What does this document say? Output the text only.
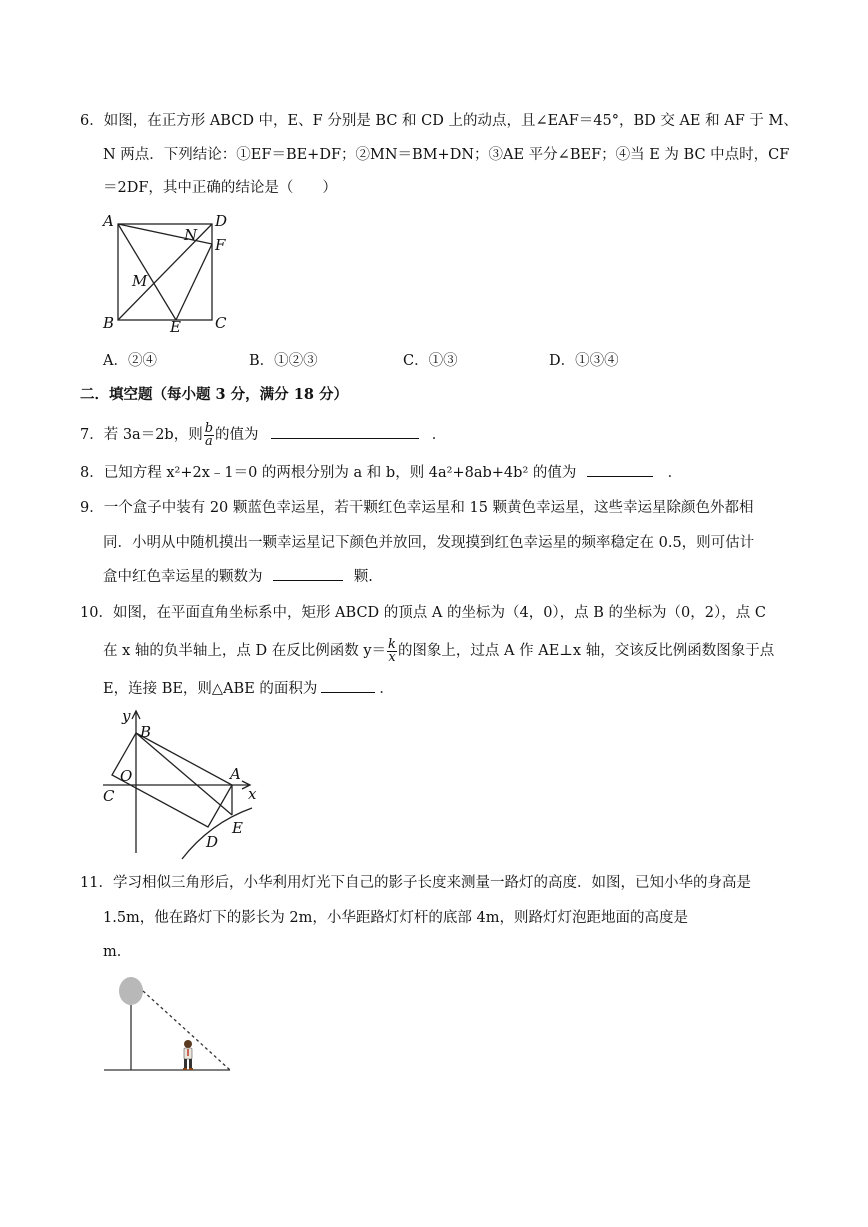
6．如图，在正方形 ABCD 中，E、F 分别是 BC 和 CD 上的动点，且∠EAF＝45°，BD 交 AE 和 AF 于 M、
N 两点．下列结论：①EF＝BE+DF；②MN＝BM+DN；③AE 平分∠BEF；④当 E 为 BC 中点时，CF
＝2DF，其中正确的结论是（　　）
A	D
N
F
M
B	E C
A．②④	B．①②③	C．①③	D．①③④
二．填空题（每小题 3 分，满分 18 分）
7．若 3a＝2b，则 $\frac{b}{a}$ 的值为	．
8．已知方程 x²+2x﹣1＝0 的两根分别为 a 和 b，则 4a²+8ab+4b² 的值为	．
9．一个盒子中装有 20 颗蓝色幸运星，若干颗红色幸运星和 15 颗黄色幸运星，这些幸运星除颜色外都相
同．小明从中随机摸出一颗幸运星记下颜色并放回，发现摸到红色幸运星的频率稳定在 0.5，则可估计
盒中红色幸运星的颗数为	颗.
10．如图，在平面直角坐标系中，矩形 ABCD 的顶点 A 的坐标为（4，0），点 B 的坐标为（0，2），点 C
在 x 轴的负半轴上，点 D 在反比例函数 $y= \frac{k}{x}$ 的图象上，过点 A 作 AE⊥x 轴，交该反比例函数图象于点
E，连接 BE，则△ABE 的面积为	．
y
B
O	A
x
C
E
D
11．学习相似三角形后，小华利用灯光下自己的影子长度来测量一路灯的高度．如图，已知小华的身高是
1.5m，他在路灯下的影长为 2m，小华距路灯灯杆的底部 4m，则路灯灯泡距地面的高度是
m．
